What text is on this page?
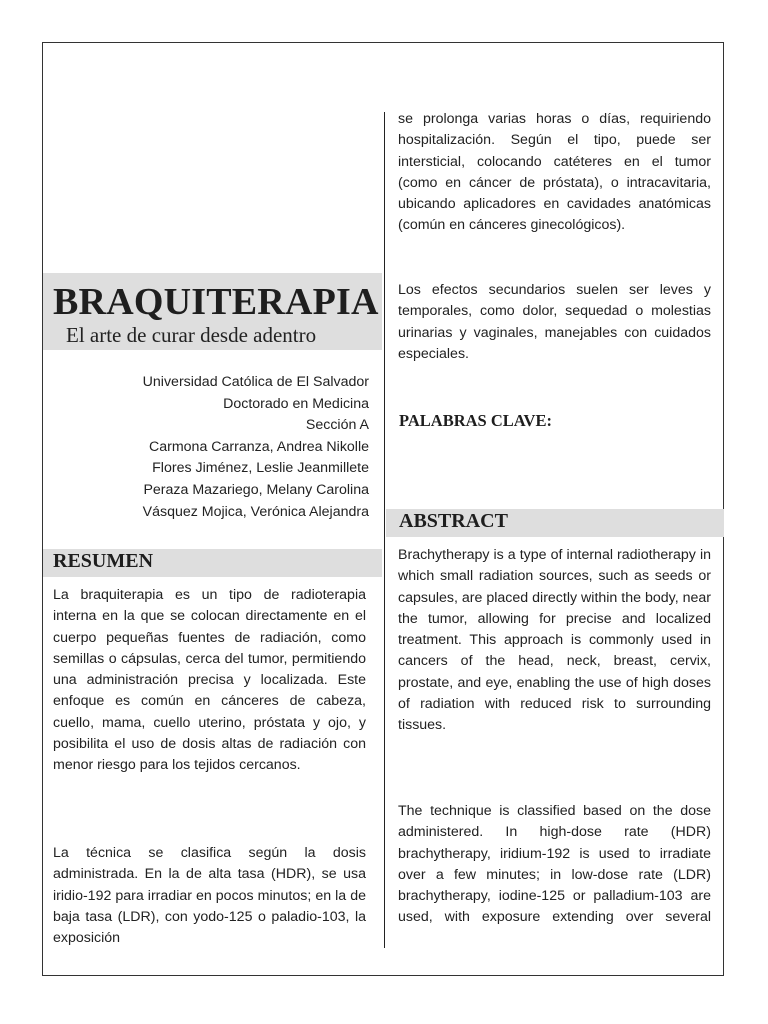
BRAQUITERAPIA

El arte de curar desde adentro

Universidad Católica de El Salvador
Doctorado en Medicina
Sección A
Carmona Carranza, Andrea Nikolle
Flores Jiménez, Leslie Jeanmillete
Peraza Mazariego, Melany Carolina
Vásquez Mojica, Verónica Alejandra
RESUMEN

La braquiterapia es un tipo de radioterapia interna en la que se colocan directamente en el cuerpo pequeñas fuentes de radiación, como semillas o cápsulas, cerca del tumor, permitiendo una administración precisa y localizada. Este enfoque es común en cánceres de cabeza, cuello, mama, cuello uterino, próstata y ojo, y posibilita el uso de dosis altas de radiación con menor riesgo para los tejidos cercanos.

La técnica se clasifica según la dosis administrada. En la de alta tasa (HDR), se usa iridio-192 para irradiar en pocos minutos; en la de baja tasa (LDR), con yodo-125 o paladio-103, la exposición

se prolonga varias horas o días, requiriendo hospitalización. Según el tipo, puede ser intersticial, colocando catéteres en el tumor (como en cáncer de próstata), o intracavitaria, ubicando aplicadores en cavidades anatómicas (común en cánceres ginecológicos).

Los efectos secundarios suelen ser leves y temporales, como dolor, sequedad o molestias urinarias y vaginales, manejables con cuidados especiales.

PALABRAS CLAVE:
ABSTRACT

Brachytherapy is a type of internal radiotherapy in which small radiation sources, such as seeds or capsules, are placed directly within the body, near the tumor, allowing for precise and localized treatment. This approach is commonly used in cancers of the head, neck, breast, cervix, prostate, and eye, enabling the use of high doses of radiation with reduced risk to surrounding tissues.

The technique is classified based on the dose administered. In high-dose rate (HDR) brachytherapy, iridium-192 is used to irradiate over a few minutes; in low-dose rate (LDR) brachytherapy, iodine-125 or palladium-103 are used, with exposure extending over several
